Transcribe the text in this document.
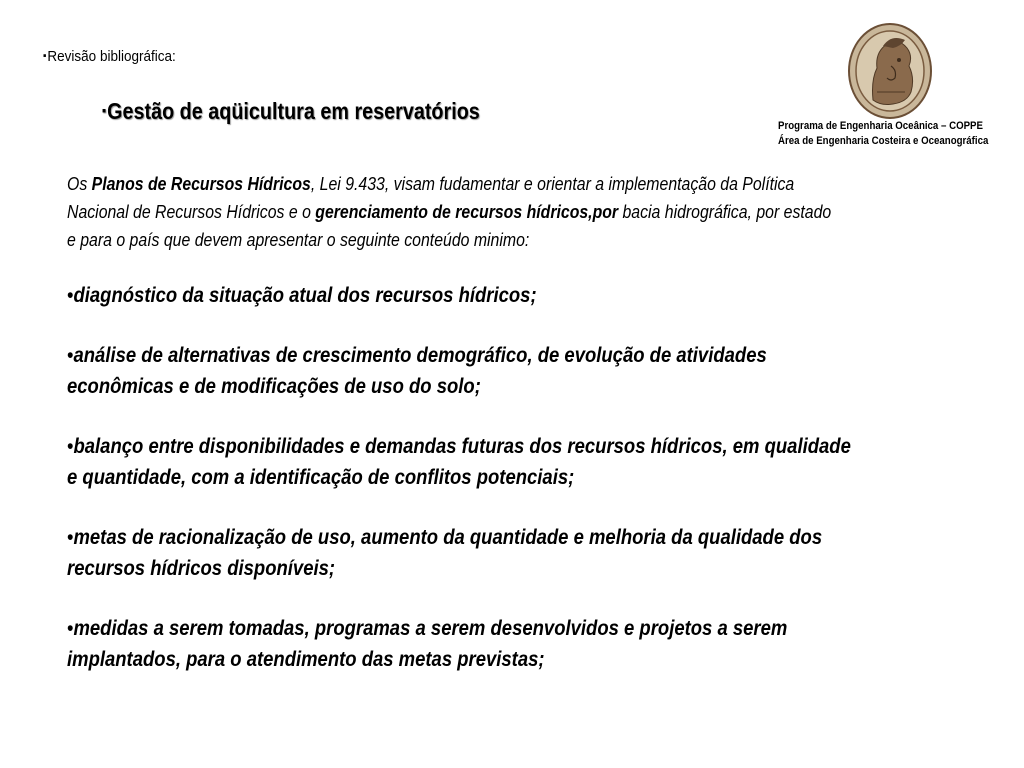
▪Revisão bibliográfica:
▪Gestão de aqüicultura em reservatórios
Programa de Engenharia Oceânica – COPPE
Área de Engenharia Costeira e Oceanográfica
Os Planos de Recursos Hídricos, Lei 9.433, visam fudamentar e orientar a implementação da Política
Nacional de Recursos Hídricos e o gerenciamento de recursos hídricos,por bacia hidrográfica, por estado
e para o país que devem apresentar o seguinte conteúdo minimo:
•diagnóstico da situação atual dos recursos hídricos;
•análise de alternativas de crescimento demográfico, de evolução de atividades
econômicas e de modificações de uso do solo;
•balanço entre disponibilidades e demandas futuras dos recursos hídricos, em qualidade
e quantidade, com a identificação de conflitos potenciais;
•metas de racionalização de uso, aumento da quantidade e melhoria da qualidade dos
recursos hídricos disponíveis;
•medidas a serem tomadas, programas a serem desenvolvidos e projetos a serem
implantados, para o atendimento das metas previstas;
